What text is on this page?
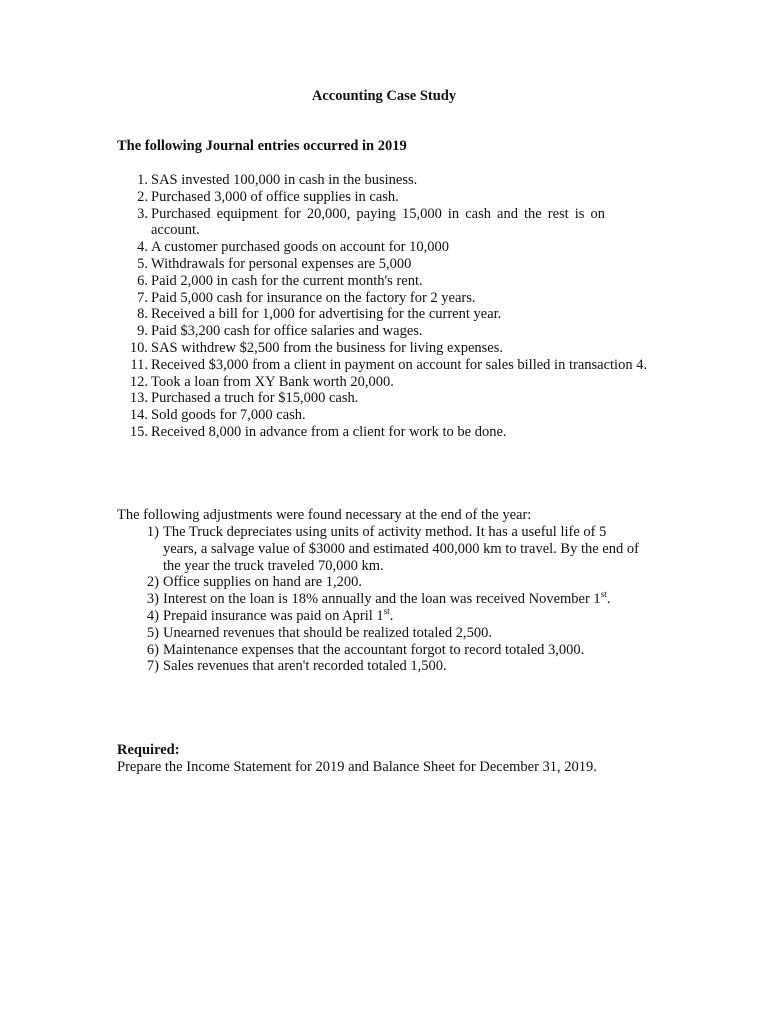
Accounting Case Study
The following Journal entries occurred in 2019
1. SAS invested 100,000 in cash in the business.
2. Purchased 3,000 of office supplies in cash.
3. Purchased equipment for 20,000, paying 15,000 in cash and the rest is on account.
4. A customer purchased goods on account for 10,000
5. Withdrawals for personal expenses are 5,000
6. Paid 2,000 in cash for the current month's rent.
7. Paid 5,000 cash for insurance on the factory for 2 years.
8. Received a bill for 1,000 for advertising for the current year.
9. Paid $3,200 cash for office salaries and wages.
10. SAS withdrew $2,500 from the business for living expenses.
11. Received $3,000 from a client in payment on account for sales billed in transaction 4.
12. Took a loan from XY Bank worth 20,000.
13. Purchased a truch for $15,000 cash.
14. Sold goods for 7,000 cash.
15. Received 8,000 in advance from a client for work to be done.
The following adjustments were found necessary at the end of the year:
1) The Truck depreciates using units of activity method. It has a useful life of 5 years, a salvage value of $3000 and estimated 400,000 km to travel. By the end of the year the truck traveled 70,000 km.
2) Office supplies on hand are 1,200.
3) Interest on the loan is 18% annually and the loan was received November 1st.
4) Prepaid insurance was paid on April 1st.
5) Unearned revenues that should be realized totaled 2,500.
6) Maintenance expenses that the accountant forgot to record totaled 3,000.
7) Sales revenues that aren't recorded totaled 1,500.
Required:
Prepare the Income Statement for 2019 and Balance Sheet for December 31, 2019.
